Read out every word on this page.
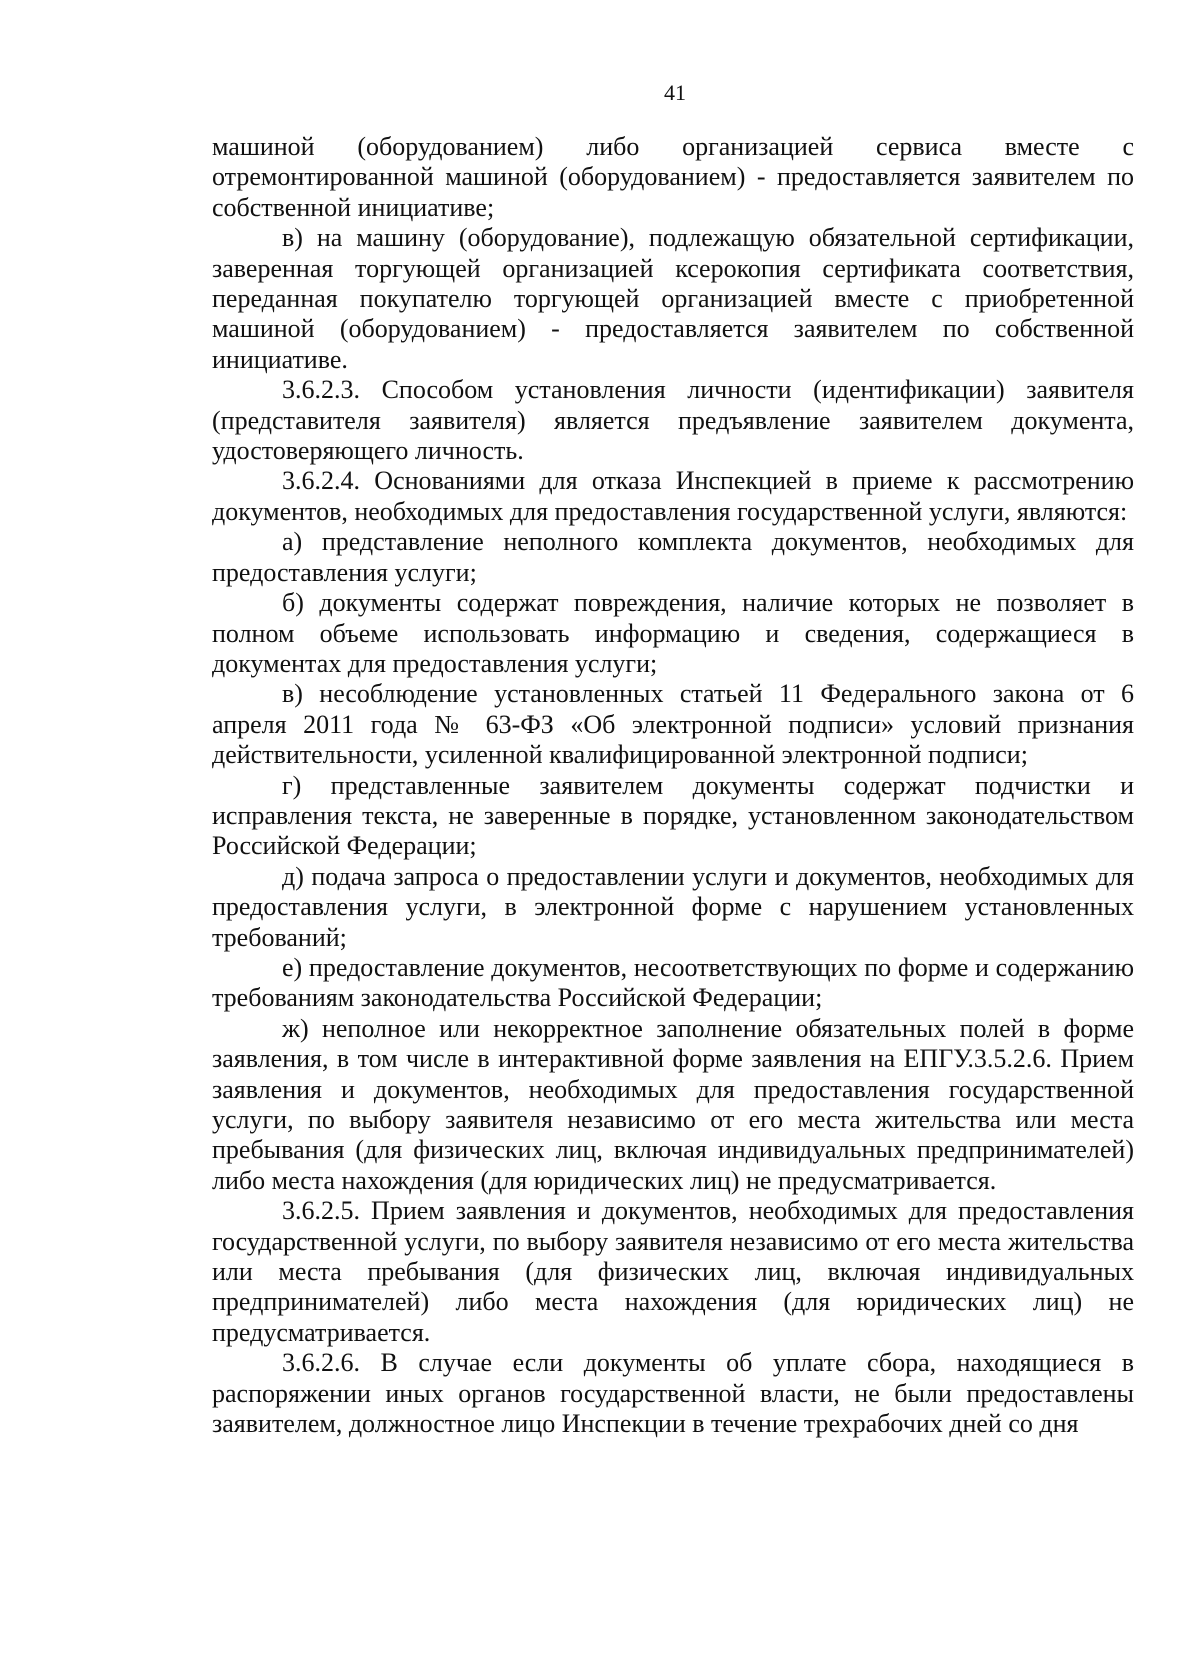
41

машиной (оборудованием) либо организацией сервиса вместе с отремонтированной машиной (оборудованием) - предоставляется заявителем по собственной инициативе;

в) на машину (оборудование), подлежащую обязательной сертификации, заверенная торгующей организацией ксерокопия сертификата соответствия, переданная покупателю торгующей организацией вместе с приобретенной машиной (оборудованием) - предоставляется заявителем по собственной инициативе.

3.6.2.3. Способом установления личности (идентификации) заявителя (представителя заявителя) является предъявление заявителем документа, удостоверяющего личность.

3.6.2.4. Основаниями для отказа Инспекцией в приеме к рассмотрению документов, необходимых для предоставления государственной услуги, являются:

а) представление неполного комплекта документов, необходимых для предоставления услуги;

б) документы содержат повреждения, наличие которых не позволяет в полном объеме использовать информацию и сведения, содержащиеся в документах для предоставления услуги;

в) несоблюдение установленных статьей 11 Федерального закона от 6 апреля 2011 года № 63-ФЗ «Об электронной подписи» условий признания действительности, усиленной квалифицированной электронной подписи;

г) представленные заявителем документы содержат подчистки и исправления текста, не заверенные в порядке, установленном законодательством Российской Федерации;

д) подача запроса о предоставлении услуги и документов, необходимых для предоставления услуги, в электронной форме с нарушением установленных требований;

е) предоставление документов, несоответствующих по форме и содержанию требованиям законодательства Российской Федерации;

ж) неполное или некорректное заполнение обязательных полей в форме заявления, в том числе в интерактивной форме заявления на ЕПГУ.3.5.2.6. Прием заявления и документов, необходимых для предоставления государственной услуги, по выбору заявителя независимо от его места жительства или места пребывания (для физических лиц, включая индивидуальных предпринимателей) либо места нахождения (для юридических лиц) не предусматривается.

3.6.2.5. Прием заявления и документов, необходимых для предоставления государственной услуги, по выбору заявителя независимо от его места жительства или места пребывания (для физических лиц, включая индивидуальных предпринимателей) либо места нахождения (для юридических лиц) не предусматривается.

3.6.2.6. В случае если документы об уплате сбора, находящиеся в распоряжении иных органов государственной власти, не были предоставлены заявителем, должностное лицо Инспекции в течение трехрабочих дней со дня
